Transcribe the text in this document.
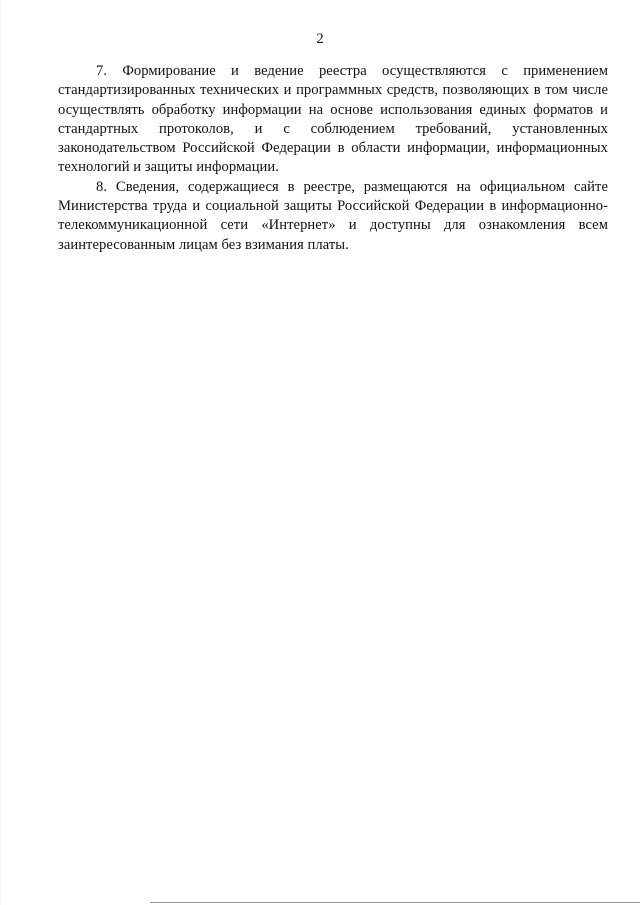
2

7. Формирование и ведение реестра осуществляются с применением стандартизированных технических и программных средств, позволяющих в том числе осуществлять обработку информации на основе использования единых форматов и стандартных протоколов, и с соблюдением требований, установленных законодательством Российской Федерации в области информации, информационных технологий и защиты информации.

8. Сведения, содержащиеся в реестре, размещаются на официальном сайте Министерства труда и социальной защиты Российской Федерации в информационно-телекоммуникационной сети «Интернет» и доступны для ознакомления всем заинтересованным лицам без взимания платы.
